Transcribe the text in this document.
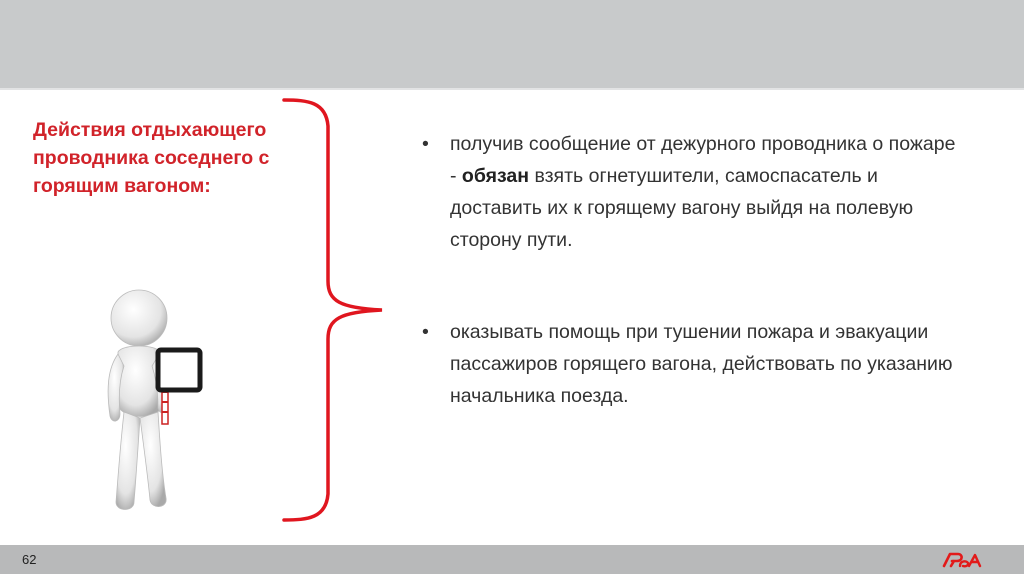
Действия отдыхающего проводника соседнего с горящим вагоном:
• получив сообщение от дежурного проводника о пожаре - обязан взять огнетушители, самоспасатель и доставить их к горящему вагону выйдя на полевую сторону пути.
• оказывать помощь при тушении пожара и эвакуации пассажиров горящего вагона, действовать по указанию начальника поезда.
62
